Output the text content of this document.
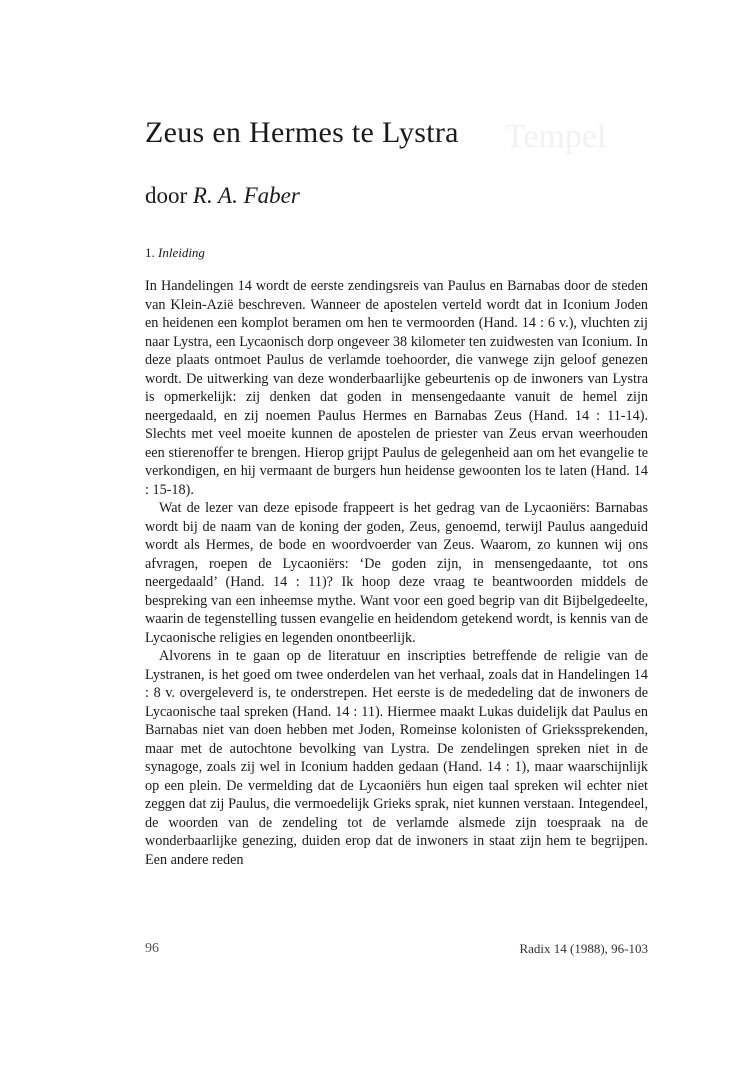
Tempel
Zeus en Hermes te Lystra
door R. A. Faber
1. Inleiding

In Handelingen 14 wordt de eerste zendingsreis van Paulus en Barnabas door de steden van Klein-Azië beschreven. Wanneer de apostelen verteld wordt dat in Iconium Joden en heidenen een komplot beramen om hen te vermoorden (Hand. 14 : 6 v.), vluchten zij naar Lystra, een Lycaonisch dorp ongeveer 38 kilometer ten zuidwesten van Iconium. In deze plaats ontmoet Paulus de verlamde toehoorder, die vanwege zijn geloof genezen wordt. De uitwerking van deze wonderbaarlijke gebeurtenis op de inwoners van Lystra is opmerkelijk: zij denken dat goden in mensengedaante vanuit de hemel zijn neergedaald, en zij noemen Paulus Hermes en Barnabas Zeus (Hand. 14 : 11-14). Slechts met veel moeite kunnen de apostelen de priester van Zeus ervan weerhouden een stierenoffer te brengen. Hierop grijpt Paulus de gelegenheid aan om het evangelie te verkondigen, en hij vermaant de burgers hun heidense gewoonten los te laten (Hand. 14 : 15-18).

Wat de lezer van deze episode frappeert is het gedrag van de Lycaoniërs: Barnabas wordt bij de naam van de koning der goden, Zeus, genoemd, terwijl Paulus aangeduid wordt als Hermes, de bode en woordvoerder van Zeus. Waarom, zo kunnen wij ons afvragen, roepen de Lycaoniërs: ‘De goden zijn, in mensengedaante, tot ons neergedaald’ (Hand. 14 : 11)? Ik hoop deze vraag te beantwoorden middels de bespreking van een inheemse mythe. Want voor een goed begrip van dit Bijbelgedeelte, waarin de tegenstelling tussen evangelie en heidendom getekend wordt, is kennis van de Lycaonische religies en legenden onontbeerlijk.

Alvorens in te gaan op de literatuur en inscripties betreffende de religie van de Lystranen, is het goed om twee onderdelen van het verhaal, zoals dat in Handelingen 14 : 8 v. overgeleverd is, te onderstrepen. Het eerste is de mededeling dat de inwoners de Lycaonische taal spreken (Hand. 14 : 11). Hiermee maakt Lukas duidelijk dat Paulus en Barnabas niet van doen hebben met Joden, Romeinse kolonisten of Griekssprekenden, maar met de autochtone bevolking van Lystra. De zendelingen spreken niet in de synagoge, zoals zij wel in Iconium hadden gedaan (Hand. 14 : 1), maar waarschijnlijk op een plein. De vermelding dat de Lycaoniërs hun eigen taal spreken wil echter niet zeggen dat zij Paulus, die vermoedelijk Grieks sprak, niet kunnen verstaan. Integendeel, de woorden van de zendeling tot de verlamde alsmede zijn toespraak na de wonderbaarlijke genezing, duiden erop dat de inwoners in staat zijn hem te begrijpen. Een andere reden

96	Radix 14 (1988), 96-103
